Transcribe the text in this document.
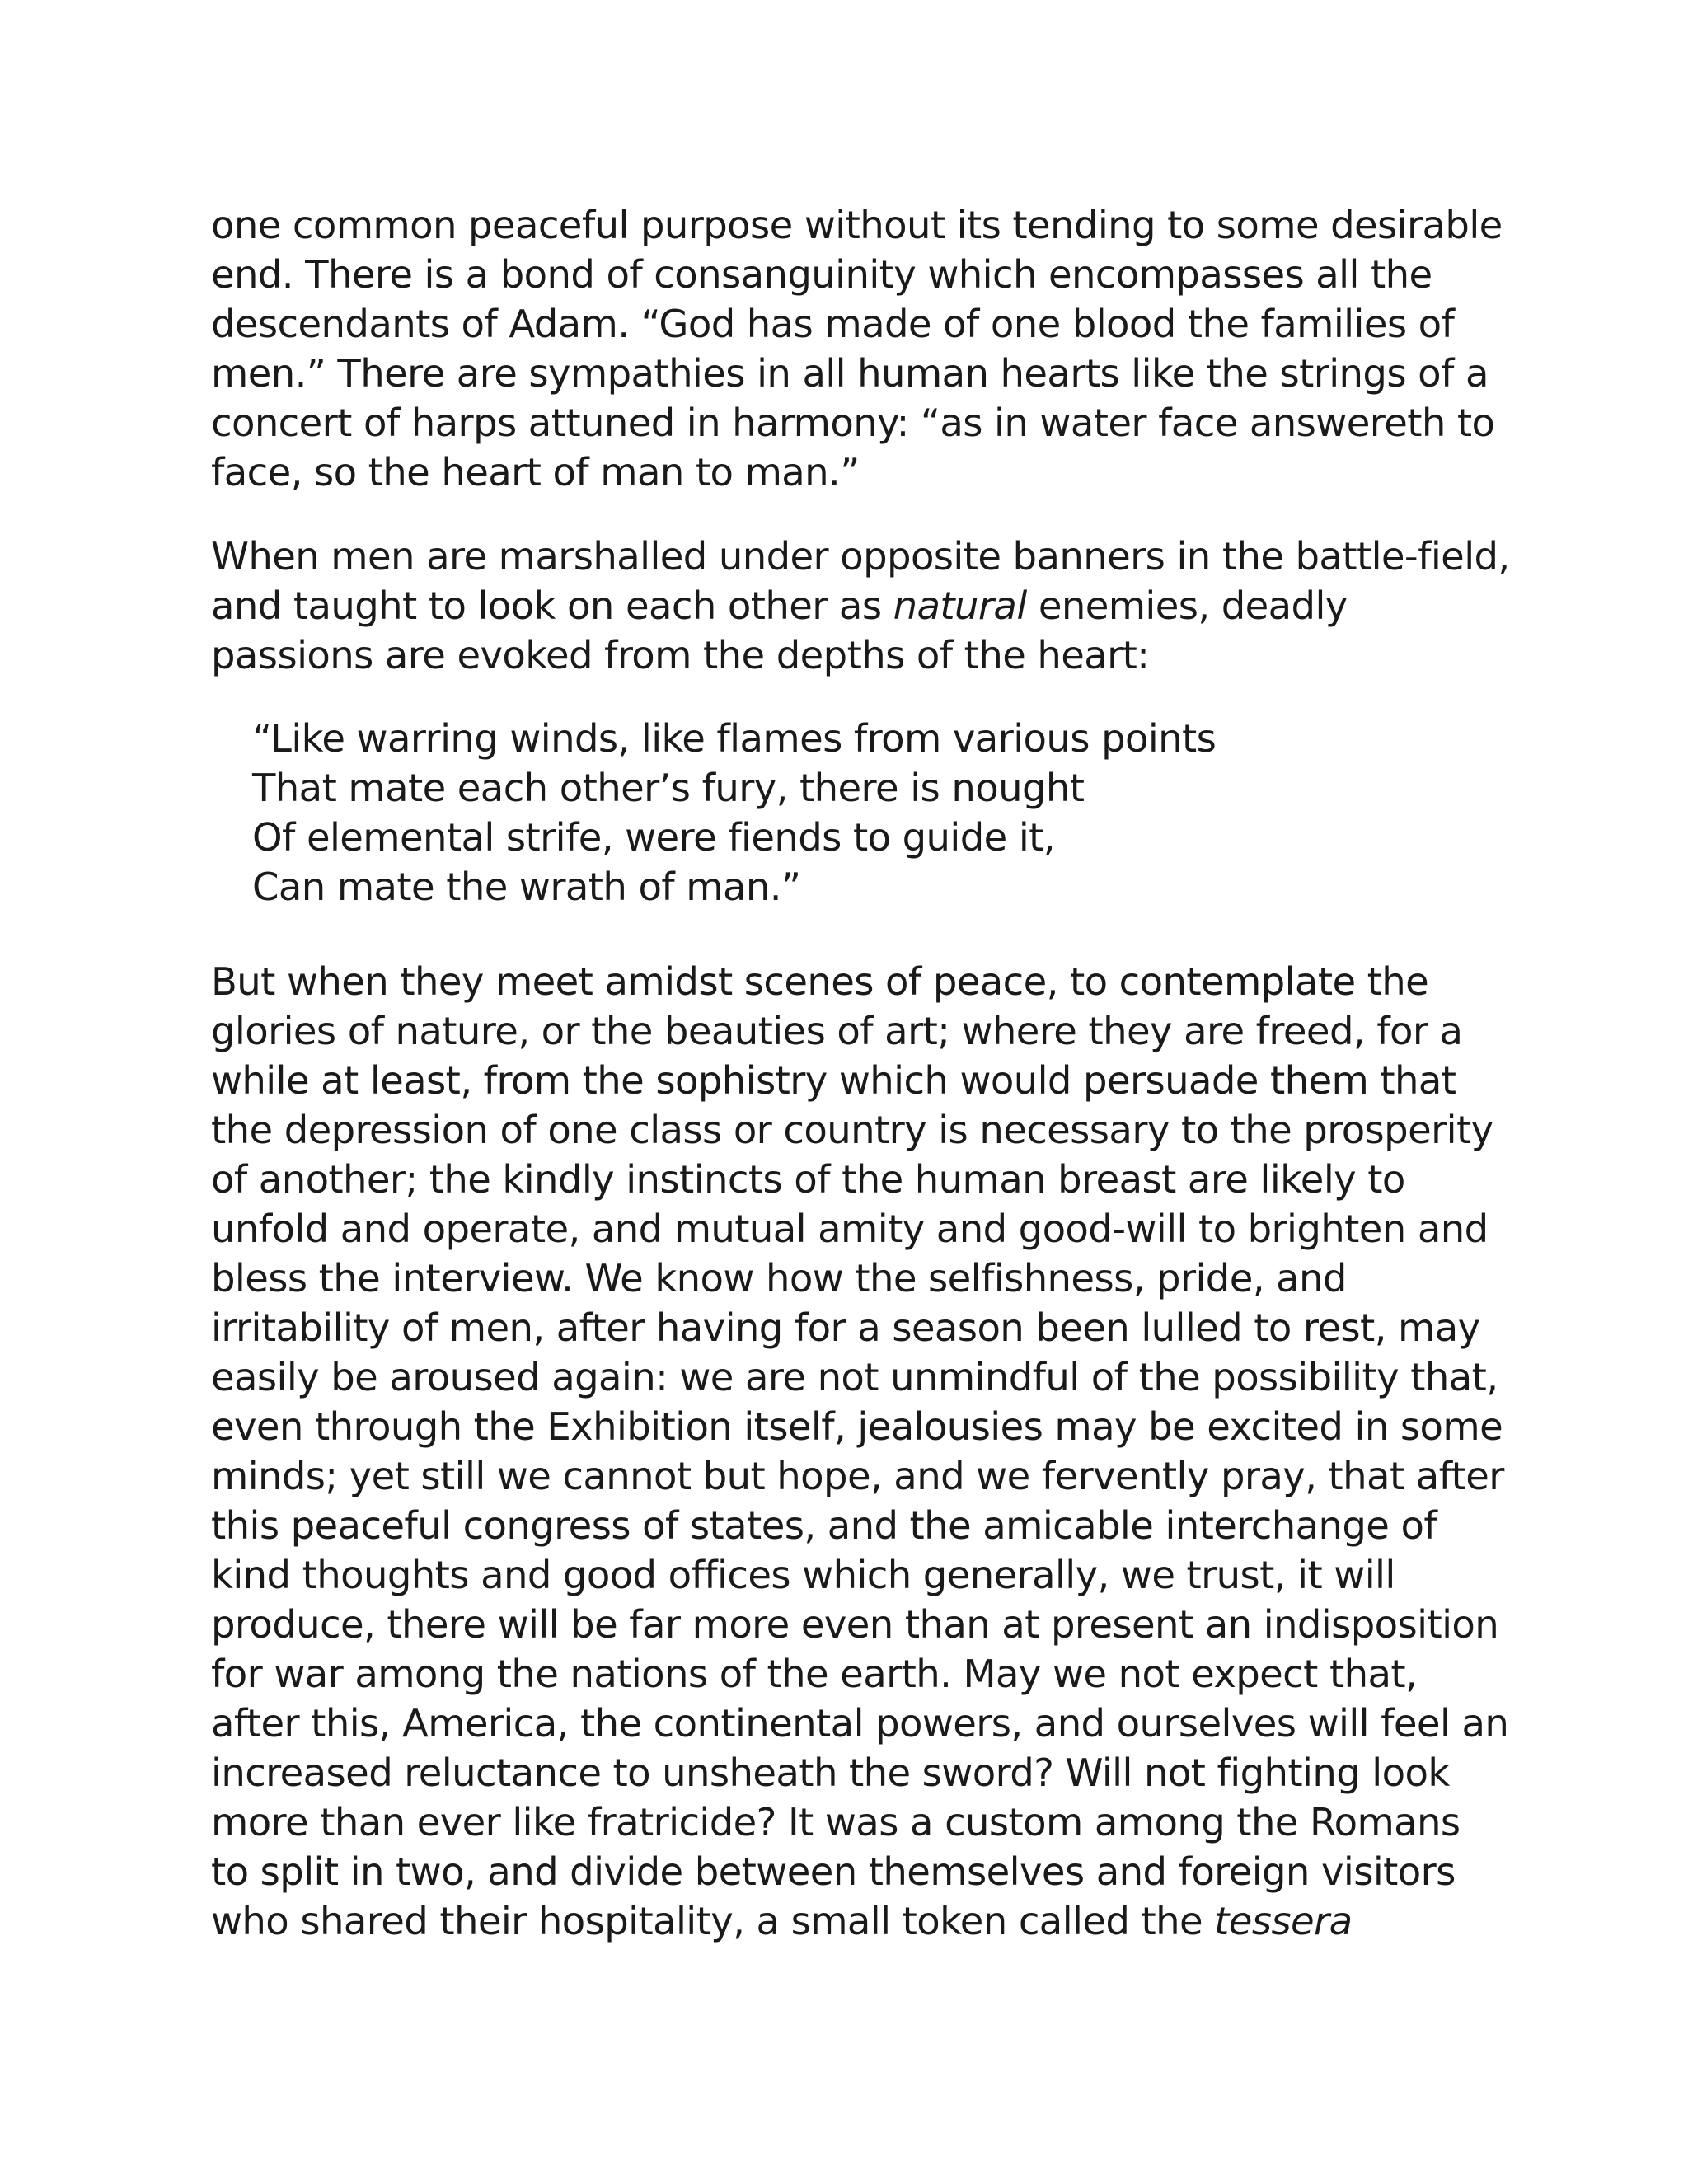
one common peaceful purpose without its tending to some desirable
end. There is a bond of consanguinity which encompasses all the
descendants of Adam. “God has made of one blood the families of
men.” There are sympathies in all human hearts like the strings of a
concert of harps attuned in harmony: “as in water face answereth to
face, so the heart of man to man.”
When men are marshalled under opposite banners in the battle-field,
and taught to look on each other as natural enemies, deadly
passions are evoked from the depths of the heart:
“Like warring winds, like flames from various points
That mate each other’s fury, there is nought
Of elemental strife, were fiends to guide it,
Can mate the wrath of man.”
But when they meet amidst scenes of peace, to contemplate the
glories of nature, or the beauties of art; where they are freed, for a
while at least, from the sophistry which would persuade them that
the depression of one class or country is necessary to the prosperity
of another; the kindly instincts of the human breast are likely to
unfold and operate, and mutual amity and good-will to brighten and
bless the interview. We know how the selfishness, pride, and
irritability of men, after having for a season been lulled to rest, may
easily be aroused again: we are not unmindful of the possibility that,
even through the Exhibition itself, jealousies may be excited in some
minds; yet still we cannot but hope, and we fervently pray, that after
this peaceful congress of states, and the amicable interchange of
kind thoughts and good offices which generally, we trust, it will
produce, there will be far more even than at present an indisposition
for war among the nations of the earth. May we not expect that,
after this, America, the continental powers, and ourselves will feel an
increased reluctance to unsheath the sword? Will not fighting look
more than ever like fratricide? It was a custom among the Romans
to split in two, and divide between themselves and foreign visitors
who shared their hospitality, a small token called the tessera
